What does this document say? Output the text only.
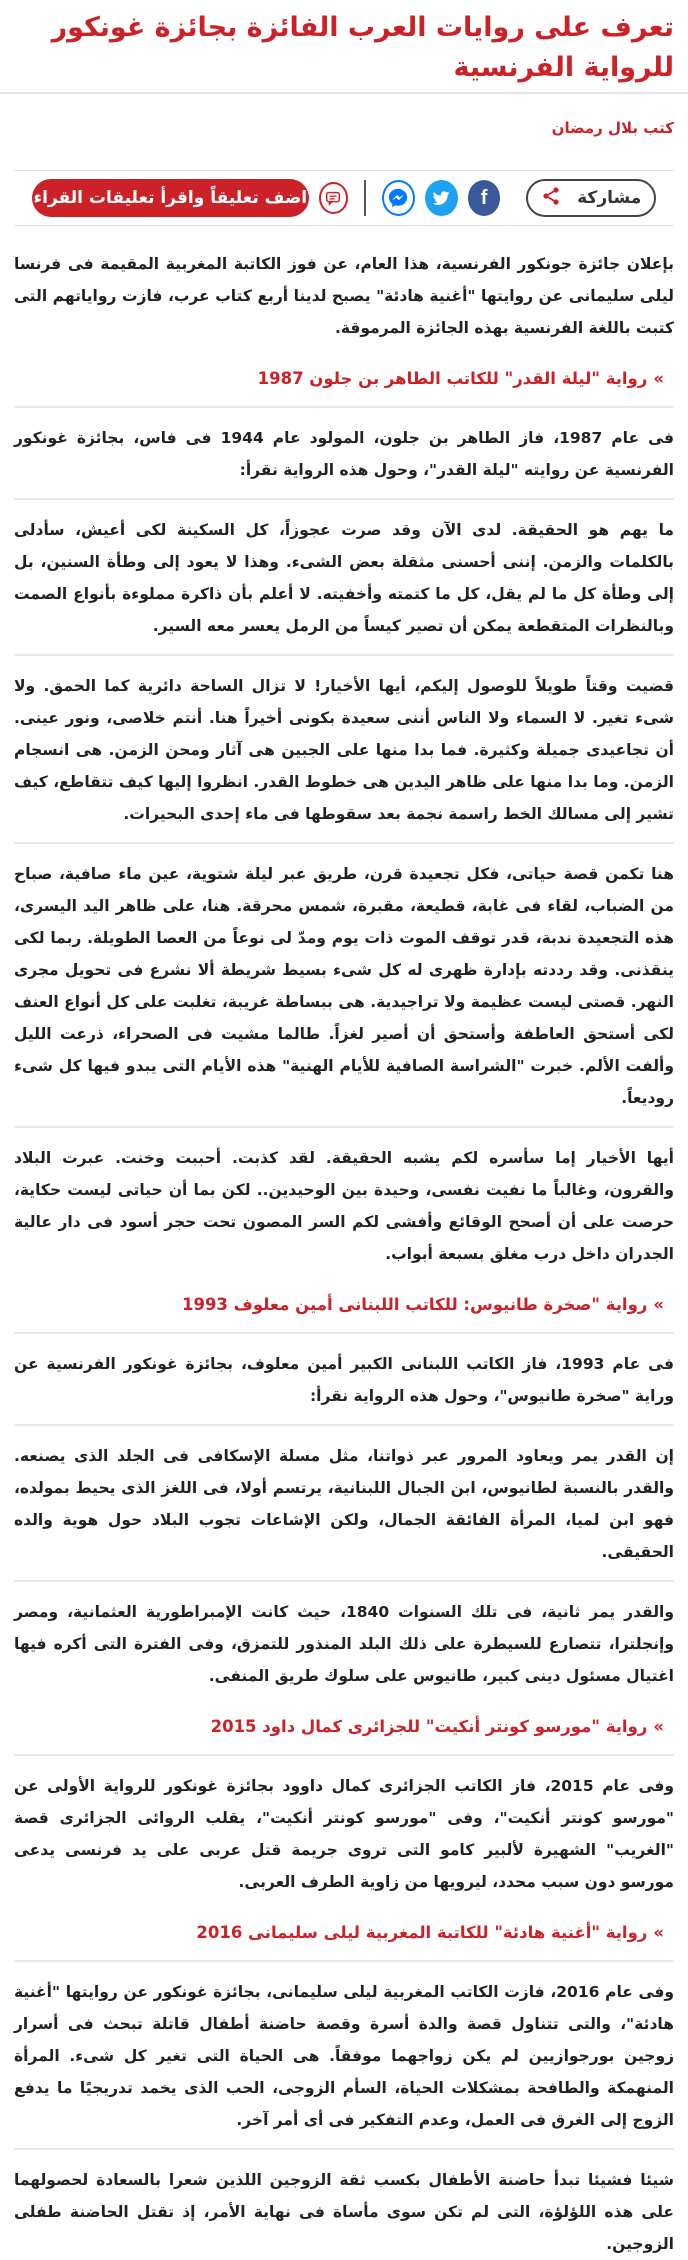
تعرف على روايات العرب الفائزة بجائزة غونكور للرواية الفرنسية
كتب بلال رمضان
مشاركة
f
اضف تعليقاً واقرأ تعليقات القراء

بإعلان جائزة جونكور الفرنسية، هذا العام، عن فوز الكاتبة المغربية المقيمة فى فرنسا ليلى سليمانى عن روايتها "أغنية هادئة" يصبح لدينا أربع كتاب عرب، فازت رواياتهم التى كتبت باللغة الفرنسية بهذه الجائزة المرموقة.

»رواية "ليلة القدر" للكاتب الطاهر بن جلون 1987

فى عام 1987، فاز الطاهر بن جلون، المولود عام 1944 فى فاس، بجائزة غونكور الفرنسية عن روايته "ليلة القدر"، وحول هذه الرواية نقرأ:

ما يهم هو الحقيقة. لدى الآن وقد صرت عجوزاً، كل السكينة لكى أعيش، سأدلى بالكلمات والزمن. إننى أحسنى مثقلة بعض الشىء. وهذا لا يعود إلى وطأة السنين، بل إلى وطأة كل ما لم يقل، كل ما كتمته وأخفيته. لا أعلم بأن ذاكرة مملوءة بأنواع الصمت وبالنظرات المتقطعة يمكن أن تصير كيساً من الرمل يعسر معه السير.

قضيت وقتاً طويلاً للوصول إليكم، أيها الأخيار! لا تزال الساحة دائرية كما الحمق. ولا شىء تغير. لا السماء ولا الناس أننى سعيدة بكونى أخيراً هنا. أنتم خلاصى، ونور عينى. أن تجاعيدى جميلة وكثيرة. فما بدا منها على الجبين هى آثار ومحن الزمن. هى انسجام الزمن. وما بدا منها على ظاهر اليدين هى خطوط القدر. انظروا إليها كيف تتقاطع، كيف تشير إلى مسالك الخط راسمة نجمة بعد سقوطها فى ماء إحدى البحيرات.

هنا تكمن قصة حياتى، فكل تجعيدة قرن، طريق عبر ليلة شتوية، عين ماء صافية، صباح من الضباب، لقاء فى غابة، قطيعة، مقبرة، شمس محرقة. هنا، على ظاهر اليد اليسرى، هذه التجعيدة ندبة، قدر توقف الموت ذات يوم ومدّ لى نوعاً من العصا الطويلة. ربما لكى ينقذنى. وقد رددته بإدارة ظهرى له كل شىء بسيط شريطة ألا نشرع فى تحويل مجرى النهر. قصتى ليست عظيمة ولا تراجيدية. هى ببساطة غريبة، تغلبت على كل أنواع العنف لكى أستحق العاطفة وأستحق أن أصير لغزاً. طالما مشيت فى الصحراء، ذرعت الليل وألفت الألم. خبرت "الشراسة الصافية للأيام الهنية" هذه الأيام التى يبدو فيها كل شىء روديعاً.

أيها الأخيار إما سأسره لكم يشبه الحقيقة. لقد كذبت. أحببت وخنت. عبرت البلاد والقرون، وغالباً ما نفيت نفسى، وحيدة بين الوحيدين.. لكن بما أن حياتى ليست حكاية، حرصت على أن أصحح الوقائع وأفشى لكم السر المصون تحت حجر أسود فى دار عالية الجدران داخل درب مغلق بسبعة أبواب.

»رواية "صخرة طانيوس: للكاتب اللبنانى أمين معلوف 1993

فى عام 1993، فاز الكاتب اللبنانى الكبير أمين معلوف، بجائزة غونكور الفرنسية عن وراية "صخرة طانيوس"، وحول هذه الرواية نقرأ:

إن القدر يمر ويعاود المرور عبر ذواتنا، مثل مسلة الإسكافى فى الجلد الذى يصنعه. والقدر بالنسبة لطانيوس، ابن الجبال اللبنانية، يرتسم أولا، فى اللغز الذى يحيط بمولده، فهو ابن لميا، المرأة الفائقة الجمال، ولكن الإشاعات تجوب البلاد حول هوية والده الحقيقى.

والقدر يمر ثانية، فى تلك السنوات 1840، حيث كانت الإمبراطورية العثمانية، ومصر وإنجلترا، تتصارع للسيطرة على ذلك البلد المنذور للتمزق، وفى الفترة التى أكره فيها اغتيال مسئول دينى كبير، طانيوس على سلوك طريق المنفى.

»رواية "مورسو كونتر أنكيت" للجزائرى كمال داود 2015

وفى عام 2015، فاز الكاتب الجزائرى كمال داوود بجائزة غونكور للرواية الأولى عن "مورسو كونتر أنكيت"، وفى "مورسو كونتر أنكيت"، يقلب الروائى الجزائرى قصة "الغريب" الشهيرة لألبير كامو التى تروى جريمة قتل عربى على يد فرنسى يدعى مورسو دون سبب محدد، ليرويها من زاوية الطرف العربى.

»رواية "أغنية هادئة" للكاتبة المغربية ليلى سليمانى 2016

وفى عام 2016، فازت الكاتب المغربية ليلى سليمانى، بجائزة غونكور عن روايتها "أغنية هادئة"، والتى تتناول قصة والدة أسرة وقصة حاضنة أطفال قاتلة تبحث فى أسرار زوجين بورجوازيين لم يكن زواجهما موفقاً. هى الحياة التى تغير كل شىء. المرأة المنهمكة والطافحة بمشكلات الحياة، السأم الزوجى، الحب الذى يخمد تدريجيًا ما يدفع الزوج إلى الغرق فى العمل، وعدم التفكير فى أى أمر آخر.

شيئا فشيئا تبدأ حاضنة الأطفال بكسب ثقة الزوجين اللذين شعرا بالسعادة لحصولهما على هذه اللؤلؤة، التى لم تكن سوى مأساة فى نهاية الأمر، إذ تقتل الحاضنة طفلى الزوجين.
